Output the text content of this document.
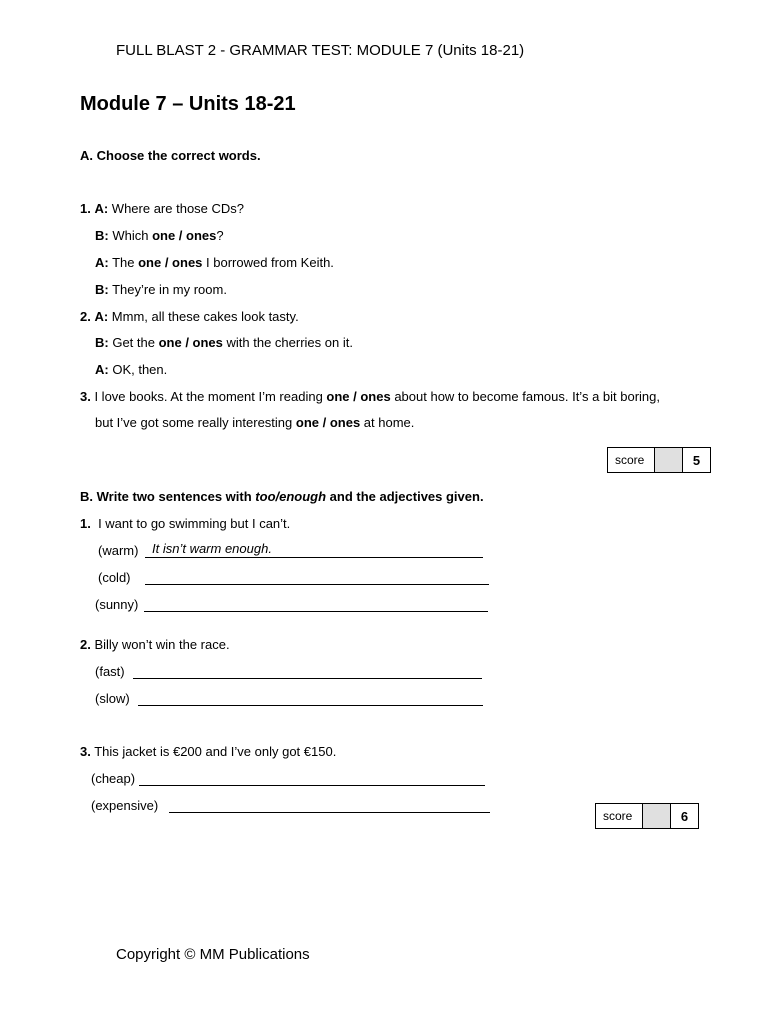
FULL BLAST 2 - GRAMMAR TEST: MODULE 7 (Units 18-21)
Module 7 – Units 18-21
A. Choose the correct words.
1. A: Where are those CDs?
B: Which one / ones?
A: The one / ones I borrowed from Keith.
B: They’re in my room.
2. A: Mmm, all these cakes look tasty.
B: Get the one / ones with the cherries on it.
A: OK, then.
3. I love books. At the moment I’m reading one / ones about how to become famous. It’s a bit boring,
but I’ve got some really interesting one / ones at home.
score	5
B. Write two sentences with too/enough and the adjectives given.
1.  I want to go swimming but I can’t.
(warm)	It isn’t warm enough.
(cold)
(sunny)
2. Billy won’t win the race.
(fast)
(slow)
3. This jacket is €200 and I’ve only got €150.
(cheap)
(expensive)
score	6
Copyright © MM Publications
